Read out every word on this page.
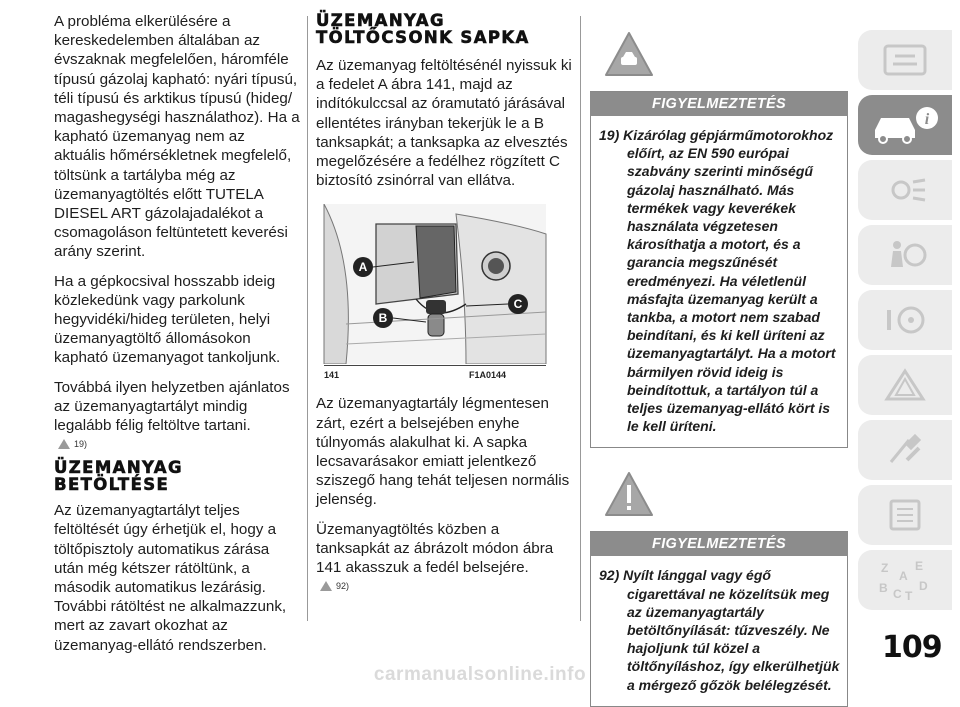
A probléma elkerülésére a kereskedelemben általában az évszaknak megfelelően, háromféle típusú gázolaj kapható: nyári típusú, téli típusú és arktikus típusú (hideg/ magashegységi használathoz). Ha a kapható üzemanyag nem az aktuális hőmérsékletnek megfelelő, töltsünk a tartályba még az üzemanyagtöltés előtt TUTELA DIESEL ART gázolajadalékot a csomagoláson feltüntetett keverési arány szerint.

Ha a gépkocsival hosszabb ideig közlekedünk vagy parkolunk hegyvidéki/hideg területen, helyi üzemanyagtöltő állomásokon kapható üzemanyagot tankoljunk.

Továbbá ilyen helyzetben ajánlatos az üzemanyagtartályt mindig legalább félig feltöltve tartani.

19)
ÜZEMANYAG BETÖLTÉSE

Az üzemanyagtartályt teljes feltöltését úgy érhetjük el, hogy a töltőpisztoly automatikus zárása után még kétszer rátöltünk, a második automatikus lezárásig. További rátöltést ne alkalmazzunk, mert az zavart okozhat az üzemanyag-ellátó rendszerben.

ÜZEMANYAG
TÖLTŐCSONK SAPKA

Az üzemanyag feltöltésénél nyissuk ki a fedelet A ábra 141, majd az indítókulccsal az óramutató járásával ellentétes irányban tekerjük le a B tanksapkát; a tanksapka az elvesztés megelőzésére a fedélhez rögzített C biztosító zsinórral van ellátva.

A
B
C
141	F1A0144

Az üzemanyagtartály légmentesen zárt, ezért a belsejében enyhe túlnyomás alakulhat ki. A sapka lecsavarásakor emiatt jelentkező sziszegő hang tehát teljesen normális jelenség.

Üzemanyagtöltés közben a tanksapkát az ábrázolt módon ábra 141 akasszuk a fedél belsejére.

92)
FIGYELMEZTETÉS

19) Kizárólag gépjárműmotorokhoz előírt, az EN 590 európai szabvány szerinti minőségű gázolaj használható. Más termékek vagy keverékek használata végzetesen károsíthatja a motort, és a garancia megszűnését eredményezi. Ha véletlenül másfajta üzemanyag került a tankba, a motort nem szabad beindítani, és ki kell üríteni az üzemanyagtartályt. Ha a motort bármilyen rövid ideig is beindítottuk, a tartályon túl a teljes üzemanyag-ellátó kört is le kell üríteni.

FIGYELMEZTETÉS

92) Nyílt lánggal vagy égő cigarettával ne közelítsük meg az üzemanyagtartály betöltőnyílását: tűzveszély. Ne hajoljunk túl közel a töltőnyíláshoz, így elkerülhetjük a mérgező gőzök belélegzését.

i
Z E
A
B	D
C T
109
carmanualsonline.info
